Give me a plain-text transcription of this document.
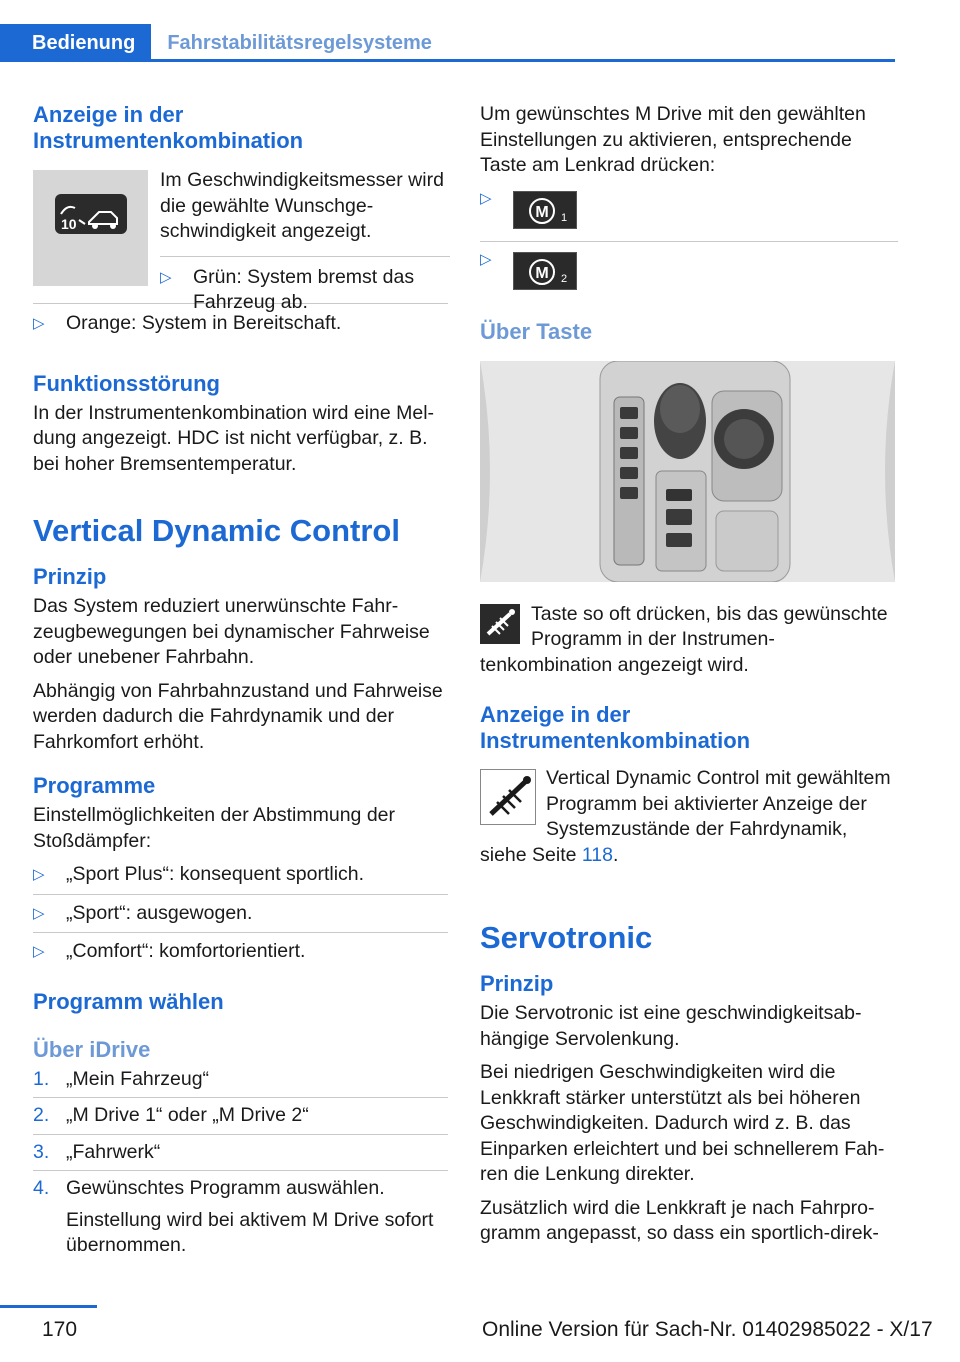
Bedienung	Fahrstabilitätsregelsysteme
Anzeige in der Instrumentenkombination
10

Im Geschwindigkeitsmesser wird die gewählte Wunschgeschwindigkeit angezeigt.

▷ Grün: System bremst das Fahrzeug ab.
▷ Orange: System in Bereitschaft.
Funktionsstörung

In der Instrumentenkombination wird eine Meldung angezeigt. HDC ist nicht verfügbar, z. B. bei hoher Bremsentemperatur.

Vertical Dynamic Control
Prinzip

Das System reduziert unerwünschte Fahrzeugbewegungen bei dynamischer Fahrweise oder unebener Fahrbahn.

Abhängig von Fahrbahnzustand und Fahrweise werden dadurch die Fahrdynamik und der Fahrkomfort erhöht.

Programme

Einstellmöglichkeiten der Abstimmung der Stoßdämpfer:

▷ „Sport Plus“: konsequent sportlich.
▷ „Sport“: ausgewogen.
▷ „Comfort“: komfortorientiert.
Programm wählen
Über iDrive
1. „Mein Fahrzeug“
2. „M Drive 1“ oder „M Drive 2“
3. „Fahrwerk“
4. Gewünschtes Programm auswählen.

Einstellung wird bei aktivem M Drive sofort übernommen.

Um gewünschtes M Drive mit den gewählten Einstellungen zu aktivieren, entsprechende Taste am Lenkrad drücken:

▷
M 1
▷
M 2
Über Taste

Taste so oft drücken, bis das gewünschte Programm in der Instrumentenkombination angezeigt wird.

Anzeige in der Instrumentenkombination

Vertical Dynamic Control mit gewähltem Programm bei aktivierter Anzeige der Systemzustände der Fahrdynamik, siehe Seite 118.

Servotronic
Prinzip

Die Servotronic ist eine geschwindigkeitsabhängige Servolenkung.

Bei niedrigen Geschwindigkeiten wird die Lenkkraft stärker unterstützt als bei höheren Geschwindigkeiten. Dadurch wird z. B. das Einparken erleichtert und bei schnellerem Fahren die Lenkung direkter.

Zusätzlich wird die Lenkkraft je nach Fahrprogramm angepasst, so dass ein sportlich-direk-

170	Online Version für Sach-Nr. 01402985022 - X/17
